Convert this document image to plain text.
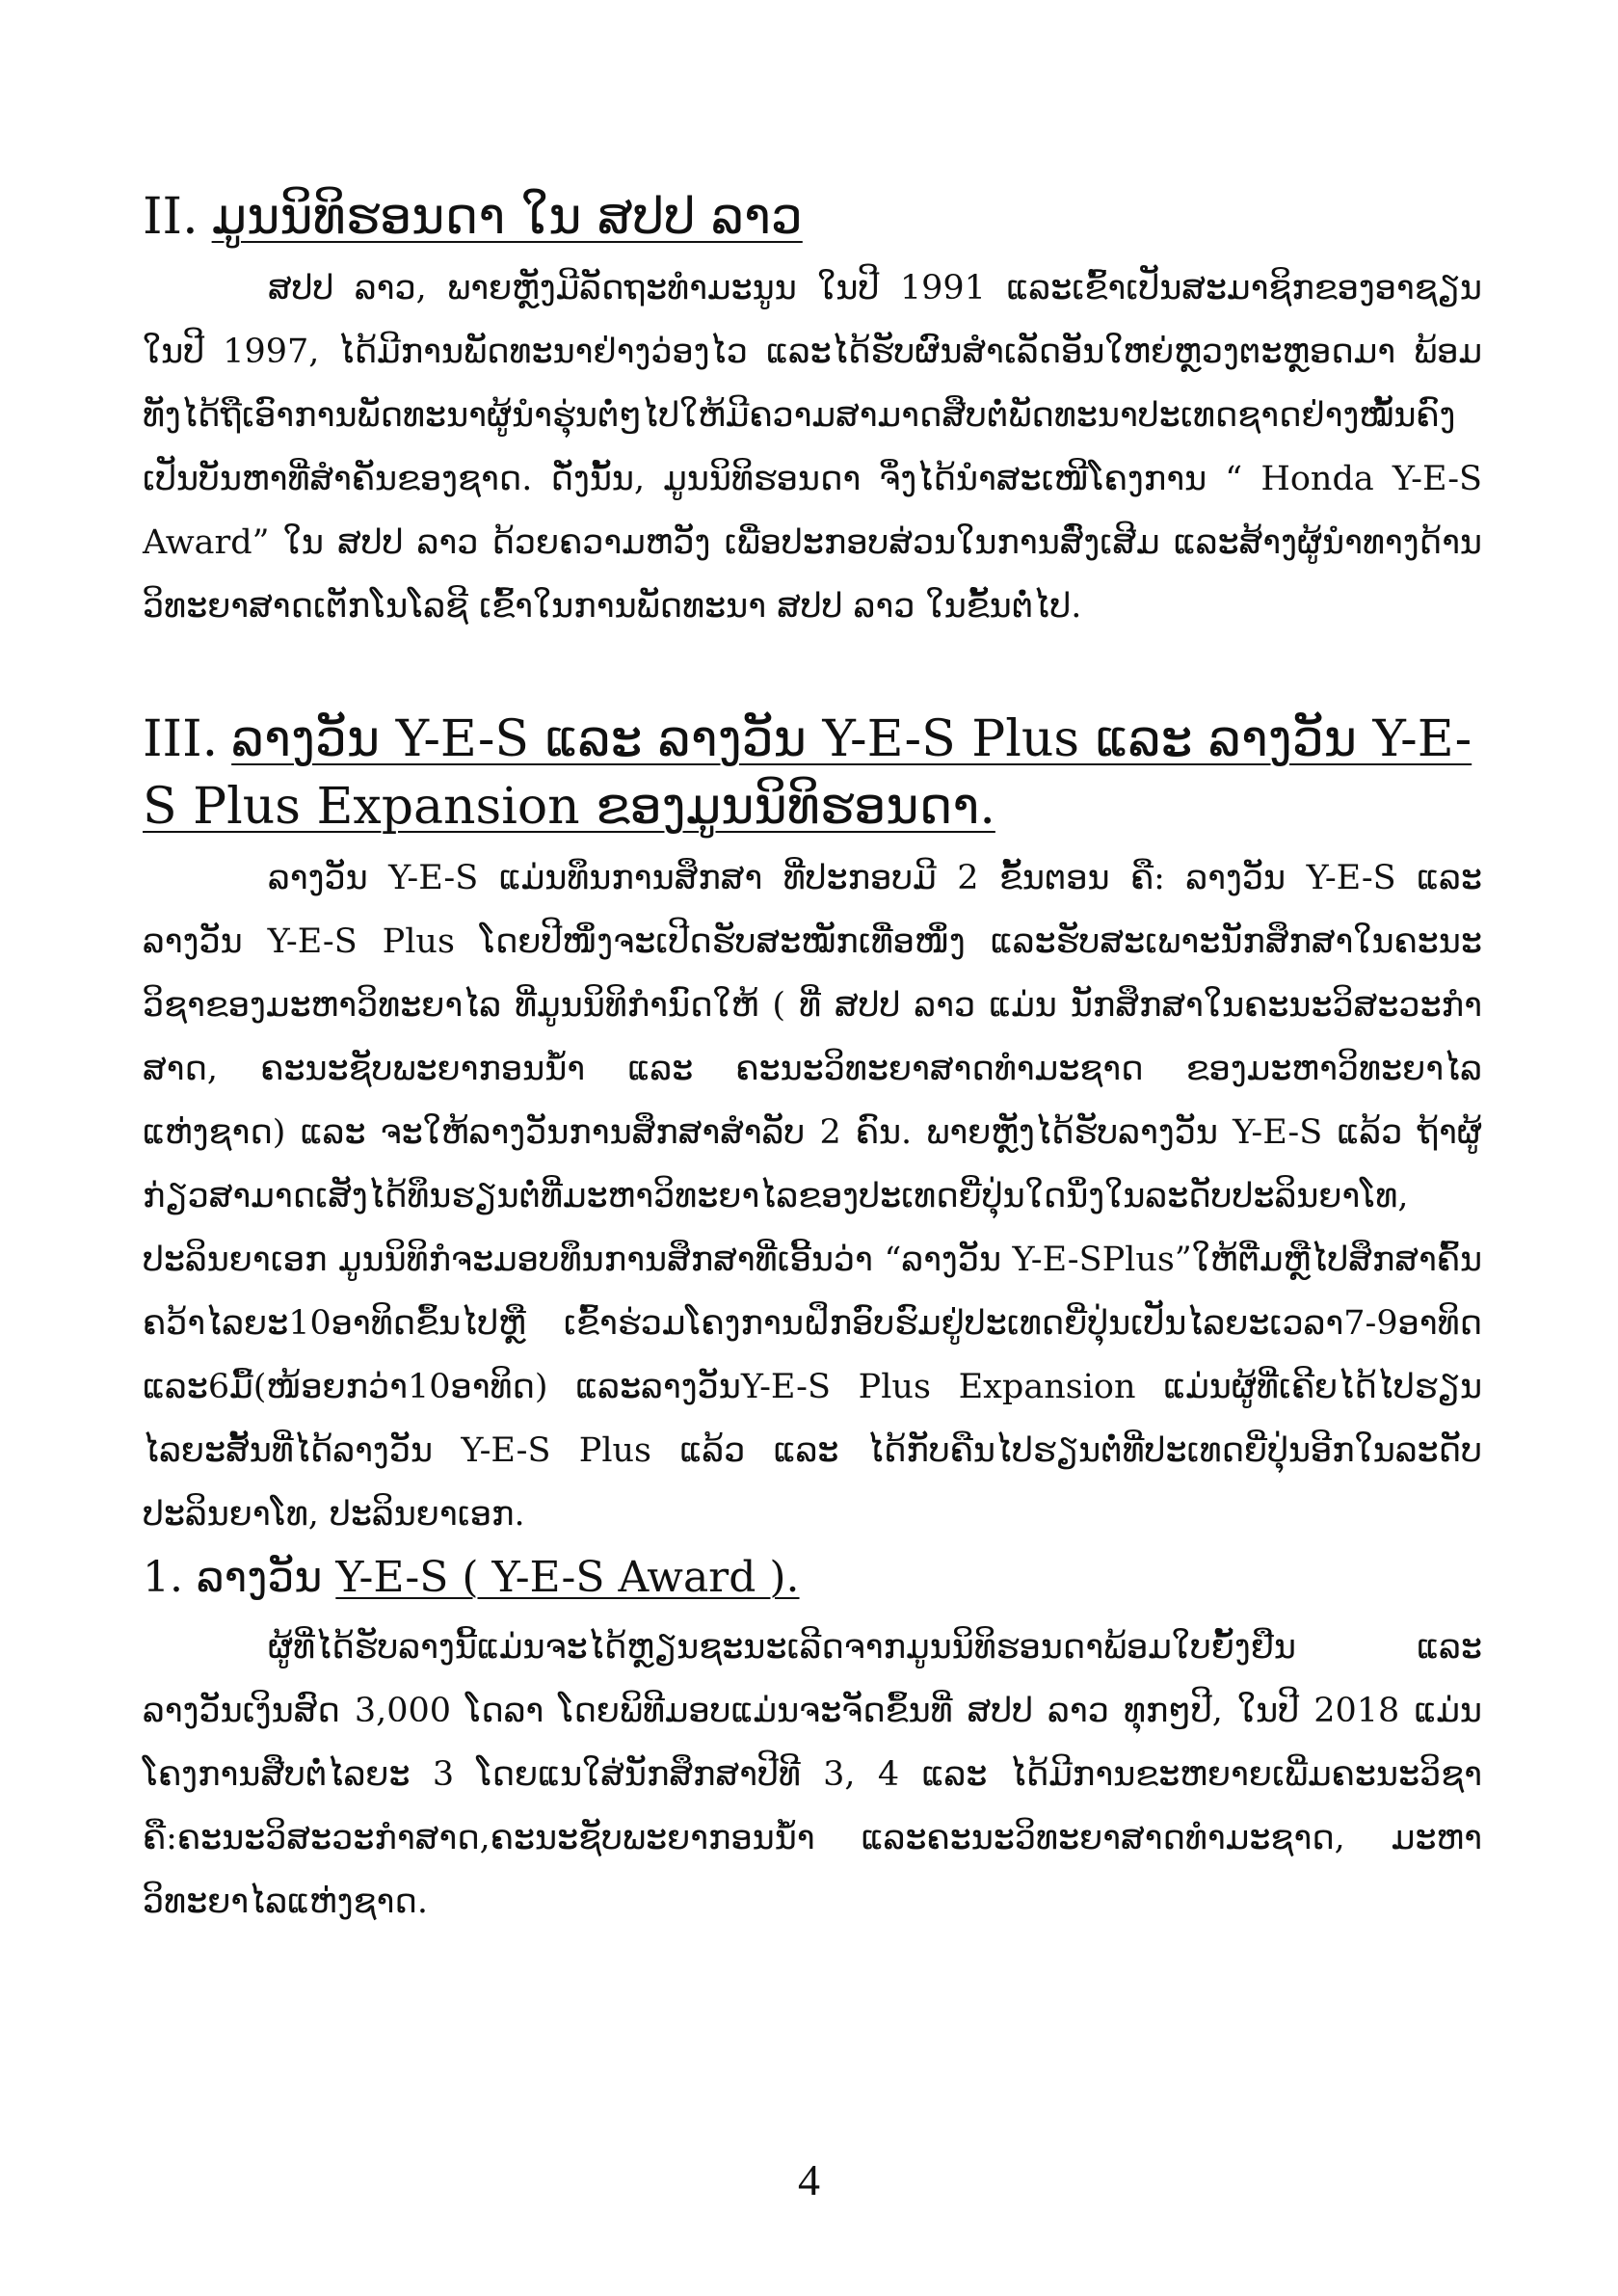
II. ມູນນິທິຮອນດາ ໃນ ສປປ ລາວ

ສປປ ລາວ, ພາຍຫຼັງມີລັດຖະທຳມະນູນ ໃນປີ 1991 ແລະເຂົ້າເປັນສະມາຊິກຂອງອາຊຽນ ໃນປີ 1997, ໄດ້ມີການພັດທະນາຢ່າງວ່ອງໄວ ແລະໄດ້ຮັບຜົນສຳເລັດອັນໃຫຍ່ຫຼວງຕະຫຼອດມາ ພ້ອມທັງໄດ້ຖືເອົາການພັດທະນາຜູ້ນຳຮຸ່ນຕໍ່ໆໄປໃຫ້ມີຄວາມສາມາດສືບຕໍ່ພັດທະນາປະເທດຊາດຢ່າງໝັ້ນຄົງເປັນບັນຫາທີ່ສຳຄັນຂອງຊາດ. ດັ່ງນັ້ນ, ມູນນິທິຮອນດາ ຈຶ່ງໄດ້ນຳສະເໜີໂຄງການ “ Honda Y-E-S Award” ໃນ ສປປ ລາວ ດ້ວຍຄວາມຫວັງ ເພື່ອປະກອບສ່ວນໃນການສົ່ງເສີມ ແລະສ້າງຜູ້ນຳທາງດ້ານວິທະຍາສາດເຕັກໂນໂລຊີ ເຂົ້າໃນການພັດທະນາ ສປປ ລາວ ໃນຂັ້ນຕໍ່ໄປ.

III. ລາງວັນ Y-E-S ແລະ ລາງວັນ Y-E-S Plus ແລະ ລາງວັນ Y-E-S Plus Expansion ຂອງມູນນິທິຮອນດາ.

ລາງວັນ Y-E-S ແມ່ນທຶນການສຶກສາ ທີ່ປະກອບມີ 2 ຂັ້ນຕອນ ຄື: ລາງວັນ Y-E-S ແລະລາງວັນ Y-E-S Plus ໂດຍປີໜຶ່ງຈະເປີດຮັບສະໝັກເທື່ອໜຶ່ງ ແລະຮັບສະເພາະນັກສຶກສາໃນຄະນະວິຊາຂອງມະຫາວິທະຍາໄລ ທີ່ມູນນິທິກຳນົດໃຫ້ ( ທີ່ ສປປ ລາວ ແມ່ນ ນັກສຶກສາໃນຄະນະວິສະວະກຳສາດ, ຄະນະຊັບພະຍາກອນນ້ຳ ແລະ ຄະນະວິທະຍາສາດທຳມະຊາດ ຂອງມະຫາວິທະຍາໄລແຫ່ງຊາດ) ແລະ ຈະໃຫ້ລາງວັນການສຶກສາສຳລັບ 2 ຄົນ. ພາຍຫຼັງໄດ້ຮັບລາງວັນ Y-E-S ແລ້ວ ຖ້າຜູ້ກ່ຽວສາມາດເສັງໄດ້ທຶນຮຽນຕໍ່ທີ່ມະຫາວິທະຍາໄລຂອງປະເທດຍີ່ປຸ່ນໃດນຶ່ງໃນລະດັບປະລິນຍາໂທ, ປະລິນຍາເອກ ມູນນິທິກໍຈະມອບທຶນການສຶກສາທີ່ເອີ້ນວ່າ “ລາງວັນ Y-E-SPlus”ໃຫ້ຕື່ມຫຼືໄປສຶກສາຄົ້ນຄວ້າໄລຍະ10ອາທິດຂຶ້ນໄປຫຼື ເຂົ້າຮ່ວມໂຄງການຝຶກອົບຮົມຢູ່ປະເທດຍີ່ປຸ່ນເປັນໄລຍະເວລາ7-9ອາທິດ ແລະ6ມື້(ໜ້ອຍກວ່າ10ອາທິດ) ແລະລາງວັນY-E-S Plus Expansion ແມ່ນຜູ້ທີ່ເຄີຍໄດ້ໄປຮຽນໄລຍະສັ້ນທີ່ໄດ້ລາງວັນ Y-E-S Plus ແລ້ວ ແລະ ໄດ້ກັບຄືນໄປຮຽນຕໍ່ທີ່ປະເທດຍີ່ປຸ່ນອີກໃນລະດັບປະລິນຍາໂທ, ປະລິນຍາເອກ.

1. ລາງວັນ Y-E-S ( Y-E-S Award ).

ຜູ້ທີ່ໄດ້ຮັບລາງນີ້ແມ່ນຈະໄດ້ຫຼຽນຊະນະເລີດຈາກມູນນິທິຮອນດາພ້ອມໃບຍັ້ງຢືນ ແລະ ລາງວັນເງິນສົດ 3,000 ໂດລາ ໂດຍພິທີມອບແມ່ນຈະຈັດຂຶ້ນທີ່ ສປປ ລາວ ທຸກໆປີ, ໃນປີ 2018 ແມ່ນໂຄງການສືບຕໍ່ໄລຍະ 3 ໂດຍແນໃສ່ນັກສຶກສາປີທີ 3, 4 ແລະ ໄດ້ມີການຂະຫຍາຍເພີ່ມຄະນະວິຊາຄື:ຄະນະວິສະວະກຳສາດ,ຄະນະຊັບພະຍາກອນນ້ຳ ແລະຄະນະວິທະຍາສາດທຳມະຊາດ, ມະຫາວິທະຍາໄລແຫ່ງຊາດ.

4
